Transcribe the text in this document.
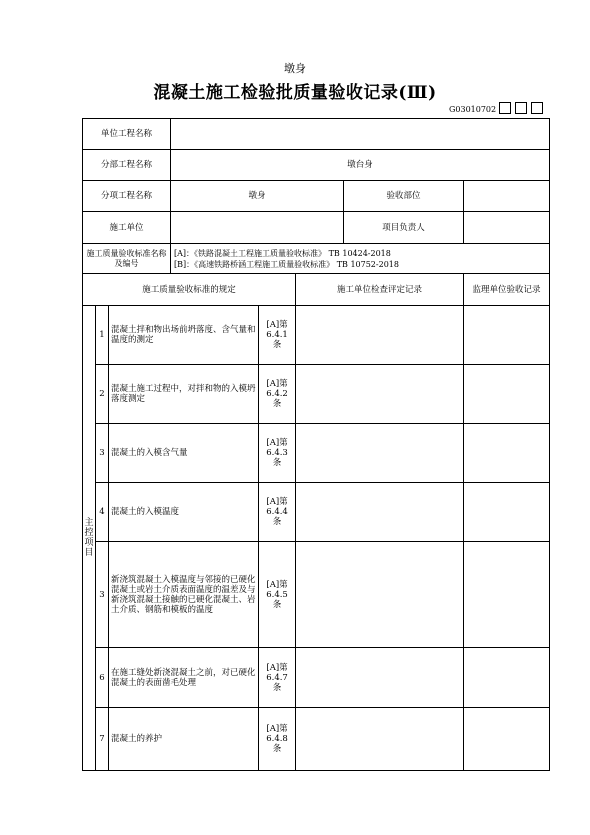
墩身
混凝土施工检验批质量验收记录(Ⅲ)
G03010702
单位工程名称							
分部工程名称			墩台身				
分项工程名称			墩身			验收部位	
施工单位						项目负责人	
施工质量验收标准名称及编号			[A]：《铁路混凝土工程施工质量验收标准》 TB 10424-2018
[B]：《高速铁路桥涵工程施工质量验收标准》 TB 10752-2018				

施工质量验收标准的规定					施工单位检查评定记录		监理单位验收记录

主
控
项
目	1	混凝土拌和物出场前坍落度、含气量和温度的测定		[A]第6.4.1条			
	2	混凝土施工过程中，对拌和物的入模坍落度测定		[A]第6.4.2条			
	3	混凝土的入模含气量		[A]第6.4.3条			
	4	混凝土的入模温度		[A]第6.4.4条			
	3	新浇筑混凝土入模温度与邻接的已硬化混凝土或岩土介质表面温度的温差及与新浇筑混凝土接触的已硬化混凝土、岩土介质、钢筋和模板的温度		[A]第6.4.5条			
	6	在施工缝处新浇混凝土之前，对已硬化混凝土的表面凿毛处理		[A]第6.4.7条			
	7	混凝土的养护		[A]第6.4.8条			
